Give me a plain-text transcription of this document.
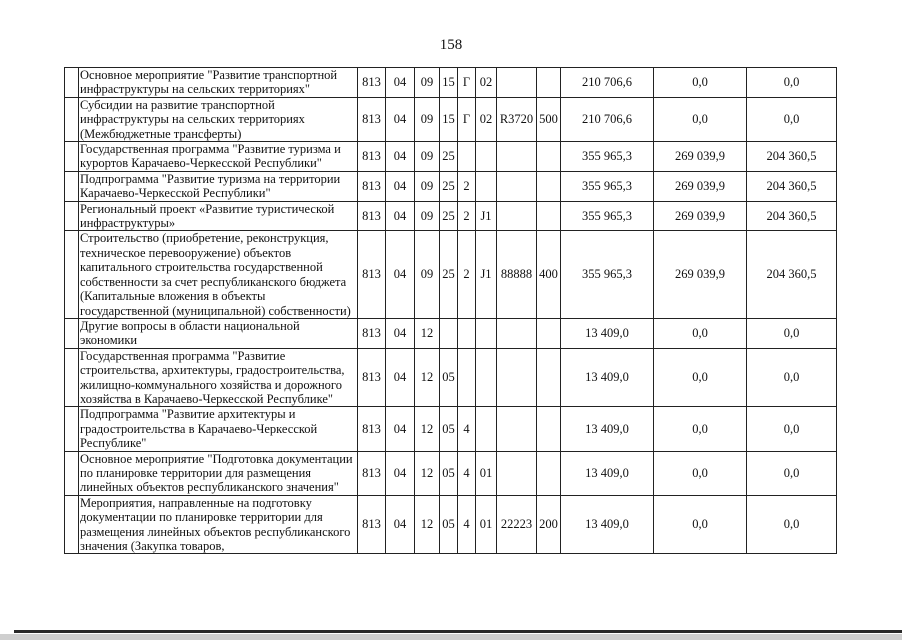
158
	Основное мероприятие "Развитие транспортной инфраструктуры на сельских территориях"	813	04	09	15	Г	02			210 706,6	0,0	0,0
	Субсидии на развитие транспортной инфраструктуры на сельских территориях (Межбюджетные трансферты)	813	04	09	15	Г	02	R3720	500	210 706,6	0,0	0,0
	Государственная программа "Развитие туризма и курортов Карачаево-Черкесской Республики"	813	04	09	25					355 965,3	269 039,9	204 360,5
	Подпрограмма "Развитие туризма на территории Карачаево-Черкесской Республики"	813	04	09	25	2				355 965,3	269 039,9	204 360,5
	Региональный проект «Развитие туристической инфраструктуры»	813	04	09	25	2	J1			355 965,3	269 039,9	204 360,5
	Строительство (приобретение, реконструкция, техническое перевооружение) объектов капитального строительства государственной собственности за счет республиканского бюджета (Капитальные вложения в объекты государственной (муниципальной) собственности)	813	04	09	25	2	J1	88888	400	355 965,3	269 039,9	204 360,5
	Другие вопросы в области национальной экономики	813	04	12						13 409,0	0,0	0,0
	Государственная программа "Развитие строительства, архитектуры, градостроительства, жилищно-коммунального хозяйства и дорожного хозяйства в Карачаево-Черкесской Республике"	813	04	12	05					13 409,0	0,0	0,0
	Подпрограмма "Развитие архитектуры и градостроительства в Карачаево-Черкесской Республике"	813	04	12	05	4				13 409,0	0,0	0,0
	Основное мероприятие "Подготовка документации по планировке территории для размещения линейных объектов республиканского значения"	813	04	12	05	4	01			13 409,0	0,0	0,0
	Мероприятия, направленные на подготовку документации по планировке территории для размещения линейных объектов республиканского значения (Закупка товаров,	813	04	12	05	4	01	22223	200	13 409,0	0,0	0,0
